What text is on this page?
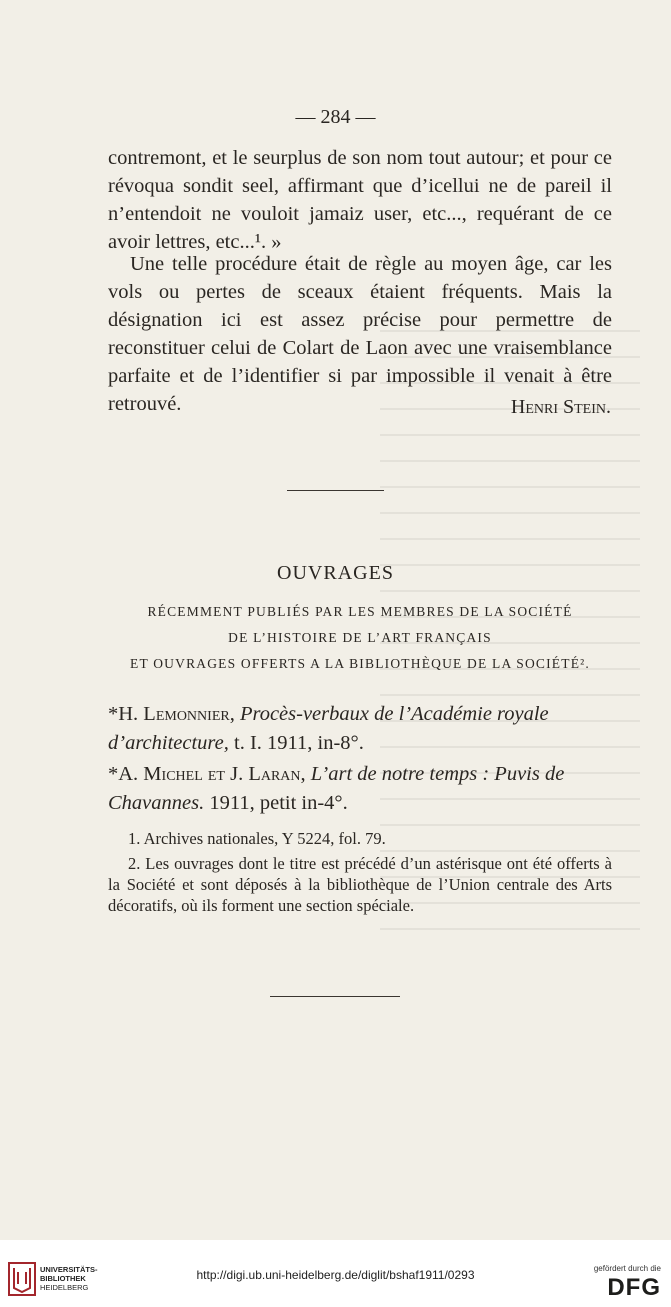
— 284 —

contremont, et le seurplus de son nom tout autour; et pour ce révoqua sondit seel, affirmant que d’icellui ne de pareil il n’entendoit ne vouloit jamaiz user, etc..., requérant de ce avoir lettres, etc...¹. »

Une telle procédure était de règle au moyen âge, car les vols ou pertes de sceaux étaient fréquents. Mais la désignation ici est assez précise pour permettre de reconstituer celui de Colart de Laon avec une vraisemblance parfaite et de l’identifier si par impossible il venait à être retrouvé.	Henri Stein.
OUVRAGES

RÉCEMMENT PUBLIÉS PAR LES MEMBRES DE LA SOCIÉTÉ

DE L’HISTOIRE DE L’ART FRANÇAIS

ET OUVRAGES OFFERTS A LA BIBLIOTHÈQUE DE LA SOCIÉTÉ².

*H. Lemonnier, Procès-verbaux de l’Académie royale d’architecture, t. I. 1911, in-8°.

*A. Michel et J. Laran, L’art de notre temps : Puvis de Chavannes. 1911, petit in-4°.

1. Archives nationales, Y 5224, fol. 79.

2. Les ouvrages dont le titre est précédé d’un astérisque ont été offerts à la Société et sont déposés à la bibliothèque de l’Union centrale des Arts décoratifs, où ils forment une section spéciale.

UNIVERSITÄTS-
BIBLIOTHEK
HEIDELBERG
http://digi.ub.uni-heidelberg.de/diglit/bshaf1911/0293	gefördert durch die
DFG
